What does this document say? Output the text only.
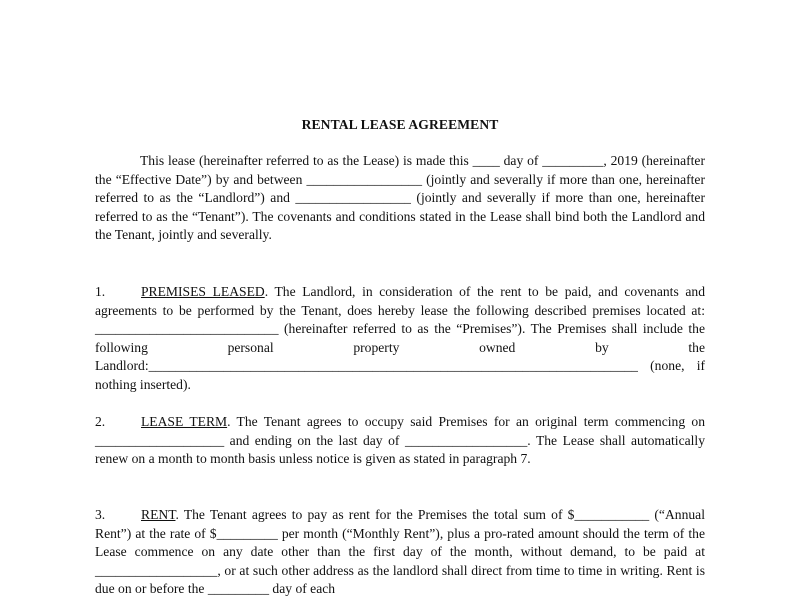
RENTAL LEASE AGREEMENT

This lease (hereinafter referred to as the Lease) is made this ____ day of _________, 2019 (hereinafter the “Effective Date”) by and between _________________ (jointly and severally if more than one, hereinafter referred to as the “Landlord”) and _________________ (jointly and severally if more than one, hereinafter referred to as the “Tenant”). The covenants and conditions stated in the Lease shall bind both the Landlord and the Tenant, jointly and severally.

1.	PREMISES LEASED. The Landlord, in consideration of the rent to be paid, and covenants and agreements to be performed by the Tenant, does hereby lease the following described premises located at: ___________________________ (hereinafter referred to as the “Premises”). The Premises shall include the following personal property owned by the Landlord:________________________________________________________________________ (none, if nothing inserted).

2.	LEASE TERM. The Tenant agrees to occupy said Premises for an original term commencing on ___________________ and ending on the last day of __________________. The Lease shall automatically renew on a month to month basis unless notice is given as stated in paragraph 7.

3.	RENT. The Tenant agrees to pay as rent for the Premises the total sum of $___________ (“Annual Rent”) at the rate of $_________ per month (“Monthly Rent”), plus a pro-rated amount should the term of the Lease commence on any date other than the first day of the month, without demand, to be paid at __________________, or at such other address as the landlord shall direct from time to time in writing. Rent is due on or before the _________ day of each
